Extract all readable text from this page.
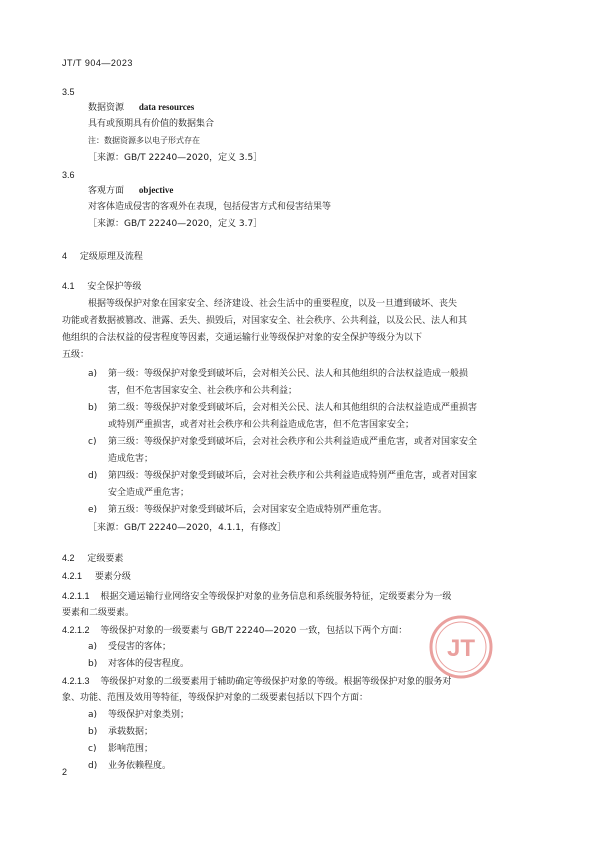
JT/T 904—2023
3.5
数据资源 data resources
具有或预期具有价值的数据集合
注：数据资源多以电子形式存在
［来源：GB/T 22240—2020，定义 3.5］
3.6
客观方面 objective
对客体造成侵害的客观外在表现，包括侵害方式和侵害结果等
［来源：GB/T 22240—2020，定义 3.7］
4 定级原理及流程
4.1 安全保护等级
根据等级保护对象在国家安全、经济建设、社会生活中的重要程度，以及一旦遭到破坏、丧失
功能或者数据被篡改、泄露、丢失、损毁后，对国家安全、社会秩序、公共利益，以及公民、法人和其
他组织的合法权益的侵害程度等因素，交通运输行业等级保护对象的安全保护等级分为以下
五级：
a) 第一级：等级保护对象受到破坏后，会对相关公民、法人和其他组织的合法权益造成一般损
害，但不危害国家安全、社会秩序和公共利益；
b) 第二级：等级保护对象受到破坏后，会对相关公民、法人和其他组织的合法权益造成严重损害
或特别严重损害，或者对社会秩序和公共利益造成危害，但不危害国家安全；
c) 第三级：等级保护对象受到破坏后，会对社会秩序和公共利益造成严重危害，或者对国家安全
造成危害；
d) 第四级：等级保护对象受到破坏后，会对社会秩序和公共利益造成特别严重危害，或者对国家
安全造成严重危害；
e) 第五级：等级保护对象受到破坏后，会对国家安全造成特别严重危害。
［来源：GB/T 22240—2020，4.1.1，有修改］
4.2 定级要素
4.2.1 要素分级
4.2.1.1 根据交通运输行业网络安全等级保护对象的业务信息和系统服务特征，定级要素分为一级
要素和二级要素。
4.2.1.2 等级保护对象的一级要素与 GB/T 22240—2020 一致，包括以下两个方面：
a) 受侵害的客体；
b) 对客体的侵害程度。
4.2.1.3 等级保护对象的二级要素用于辅助确定等级保护对象的等级。根据等级保护对象的服务对
象、功能、范围及效用等特征，等级保护对象的二级要素包括以下四个方面：
a) 等级保护对象类别；
b) 承载数据；
c) 影响范围；
d) 业务依赖程度。
JT
2
